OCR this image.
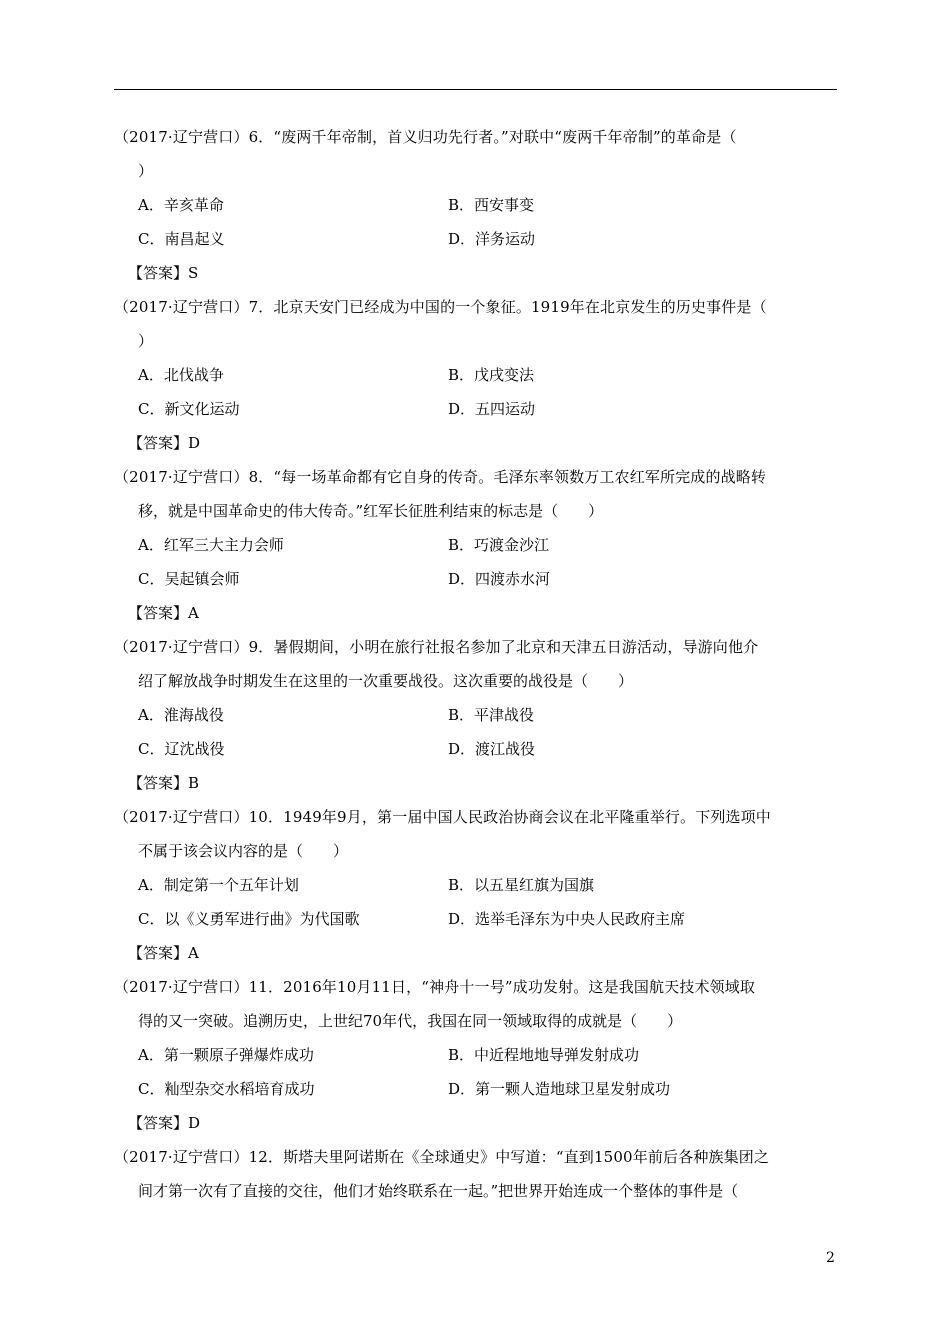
（2017·辽宁营口）6．“废两千年帝制，首义归功先行者。”对联中“废两千年帝制”的革命是（
）
A．辛亥革命	B．西安事变
C．南昌起义	D．洋务运动
【答案】S
（2017·辽宁营口）7．北京天安门已经成为中国的一个象征。1919年在北京发生的历史事件是（
）
A．北伐战争	B．戊戌变法
C．新文化运动	D．五四运动
【答案】D
（2017·辽宁营口）8．“每一场革命都有它自身的传奇。毛泽东率领数万工农红军所完成的战略转
移，就是中国革命史的伟大传奇。”红军长征胜利结束的标志是（　　）
A．红军三大主力会师	B．巧渡金沙江
C．吴起镇会师	D．四渡赤水河
【答案】A
（2017·辽宁营口）9．暑假期间，小明在旅行社报名参加了北京和天津五日游活动，导游向他介
绍了解放战争时期发生在这里的一次重要战役。这次重要的战役是（　　）
A．淮海战役	B．平津战役
C．辽沈战役	D．渡江战役
【答案】B
（2017·辽宁营口）10．1949年9月，第一届中国人民政治协商会议在北平隆重举行。下列选项中
不属于该会议内容的是（　　）
A．制定第一个五年计划	B．以五星红旗为国旗
C．以《义勇军进行曲》为代国歌	D．选举毛泽东为中央人民政府主席
【答案】A
（2017·辽宁营口）11．2016年10月11日，“神舟十一号”成功发射。这是我国航天技术领域取
得的又一突破。追溯历史，上世纪70年代，我国在同一领域取得的成就是（　　）
A．第一颗原子弹爆炸成功	B．中近程地地导弹发射成功
C．籼型杂交水稻培育成功	D．第一颗人造地球卫星发射成功
【答案】D
（2017·辽宁营口）12．斯塔夫里阿诺斯在《全球通史》中写道：“直到1500年前后各种族集团之
间才第一次有了直接的交往，他们才始终联系在一起。”把世界开始连成一个整体的事件是（
2
